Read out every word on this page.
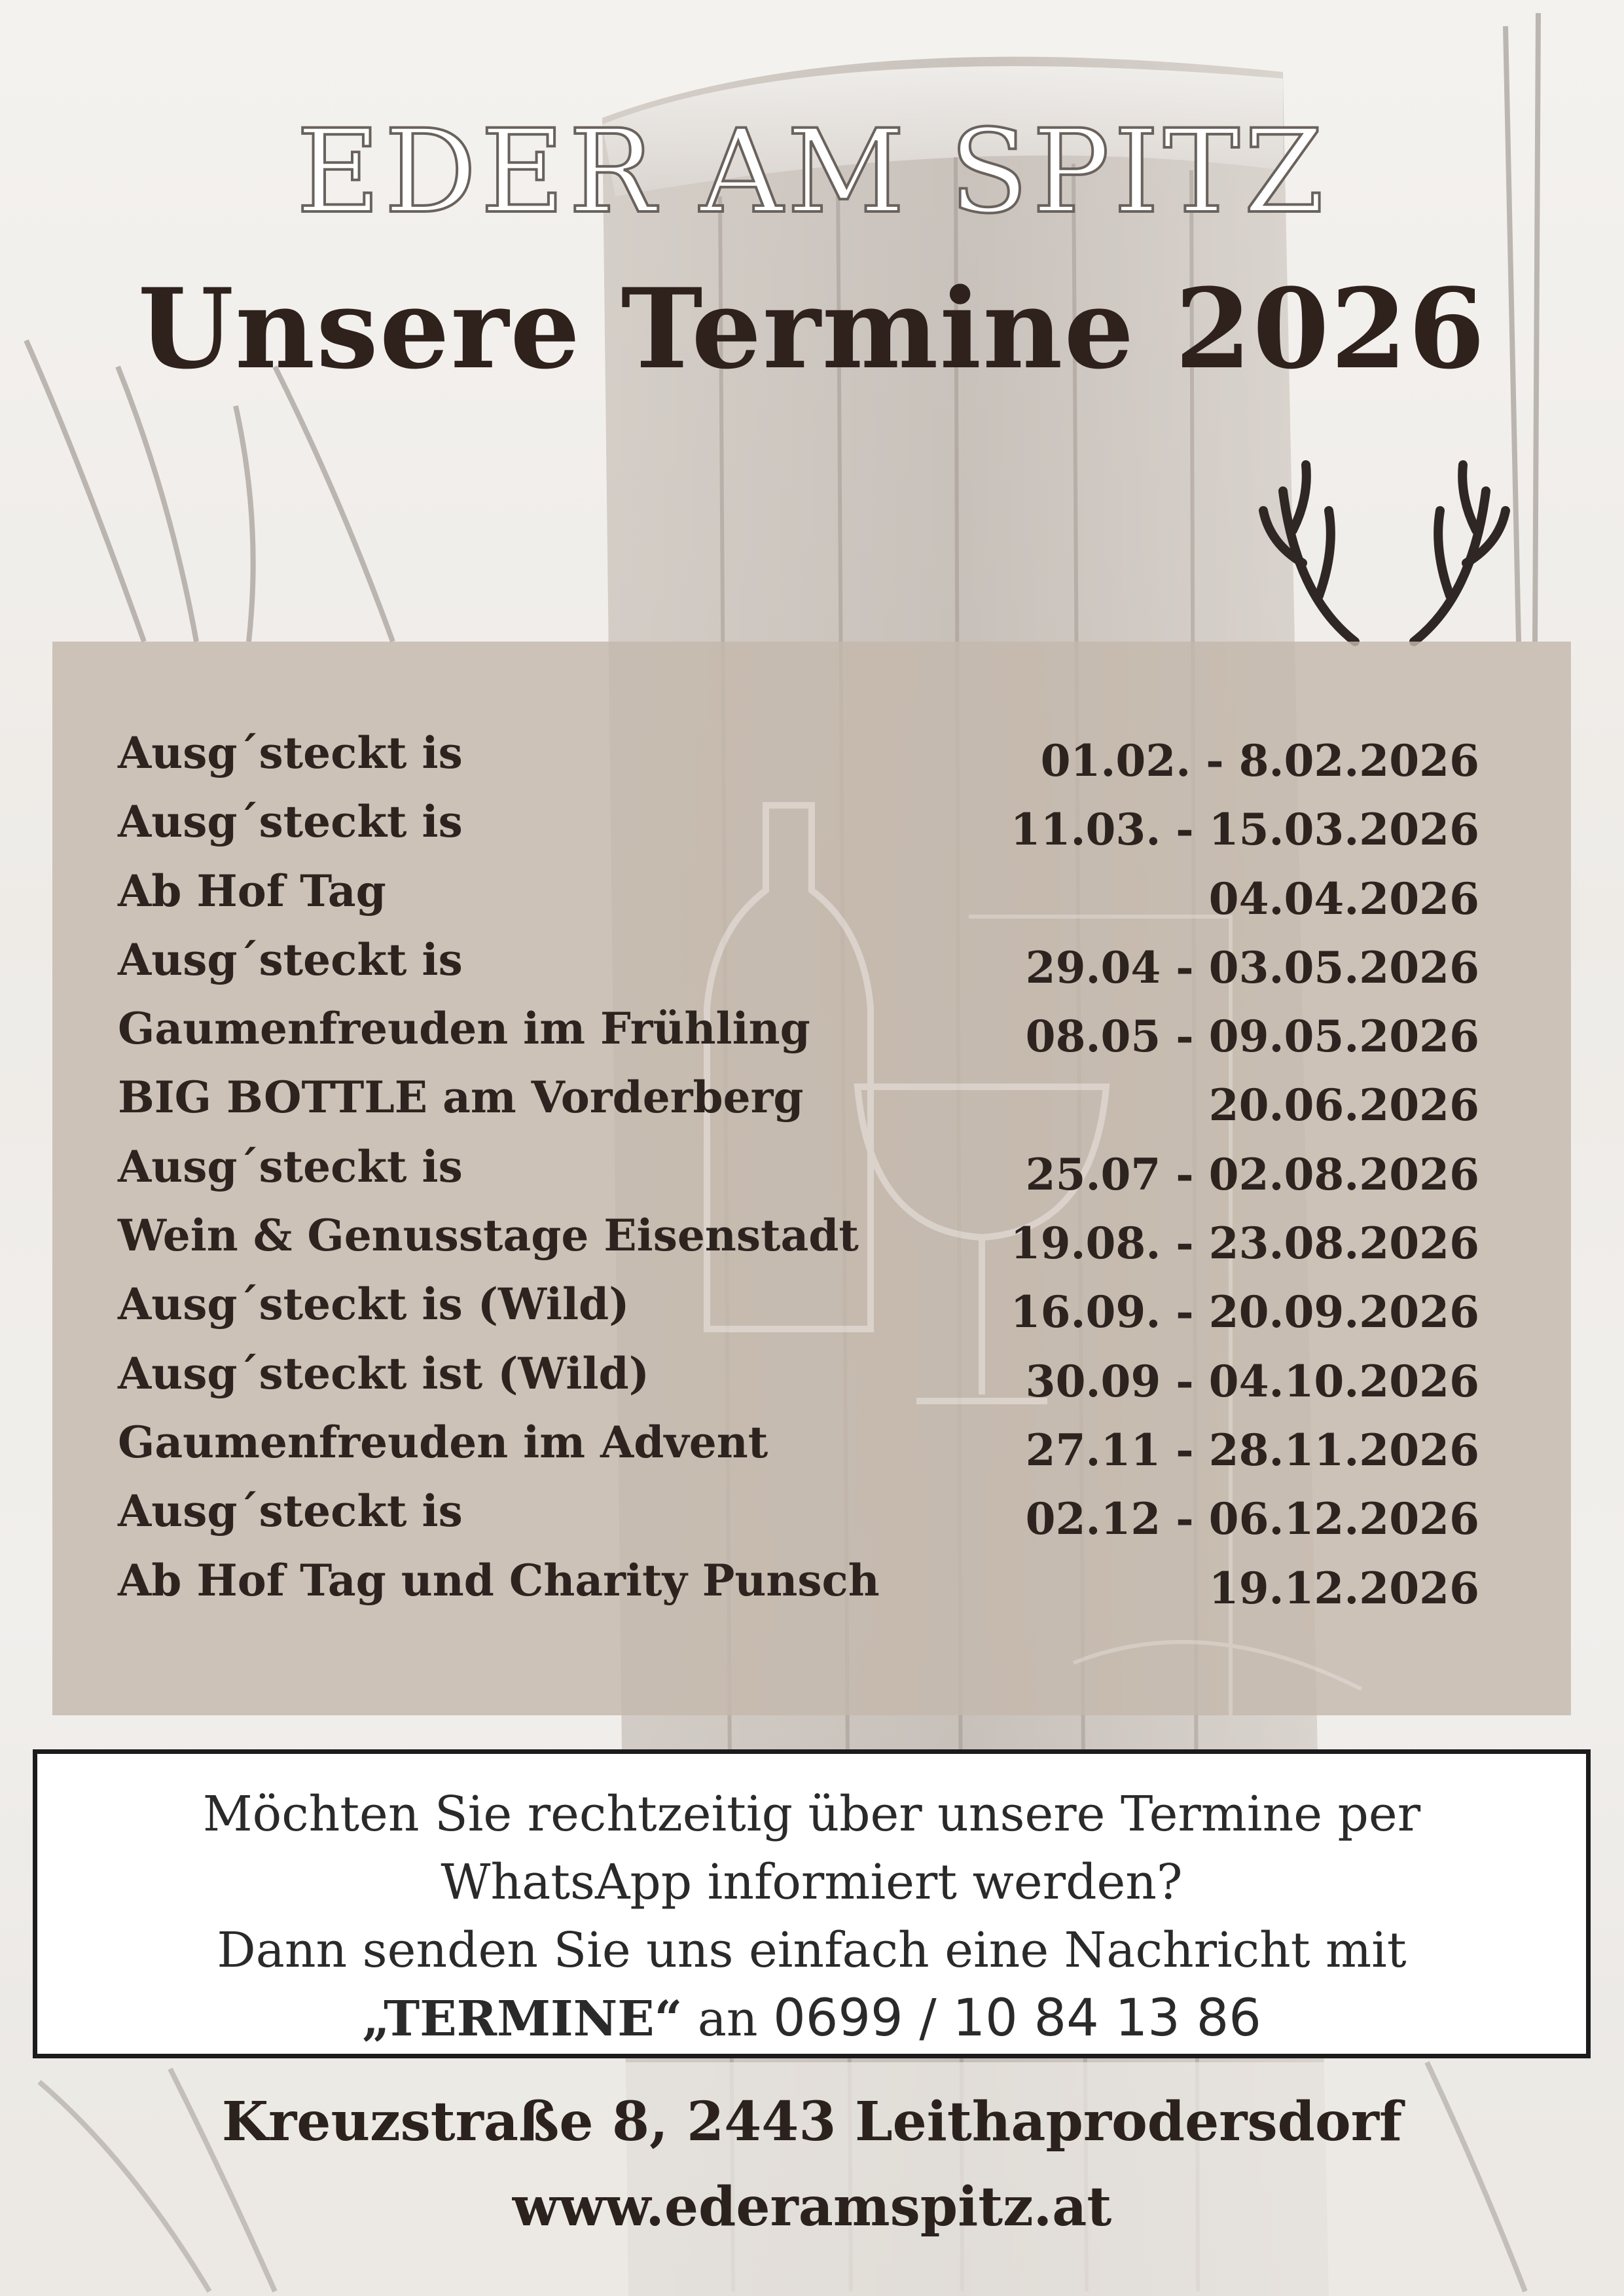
EDER AM SPITZ
Unsere Termine 2026
Ausg´steckt is	01.02. - 8.02.2026
Ausg´steckt is	11.03. - 15.03.2026
Ab Hof Tag	04.04.2026
Ausg´steckt is	29.04 - 03.05.2026
Gaumenfreuden im Frühling	08.05 - 09.05.2026
BIG BOTTLE am Vorderberg	20.06.2026
Ausg´steckt is	25.07 - 02.08.2026
Wein & Genusstage Eisenstadt	19.08. - 23.08.2026
Ausg´steckt is (Wild)	16.09. - 20.09.2026
Ausg´steckt ist (Wild)	30.09 - 04.10.2026
Gaumenfreuden im Advent	27.11 - 28.11.2026
Ausg´steckt is	02.12 - 06.12.2026
Ab Hof Tag und Charity Punsch	19.12.2026
Möchten Sie rechtzeitig über unsere Termine per
WhatsApp informiert werden?
Dann senden Sie uns einfach eine Nachricht mit
„TERMINE“ an 0699 / 10 84 13 86
Kreuzstraße 8, 2443 Leithaprodersdorf
www.ederamspitz.at
